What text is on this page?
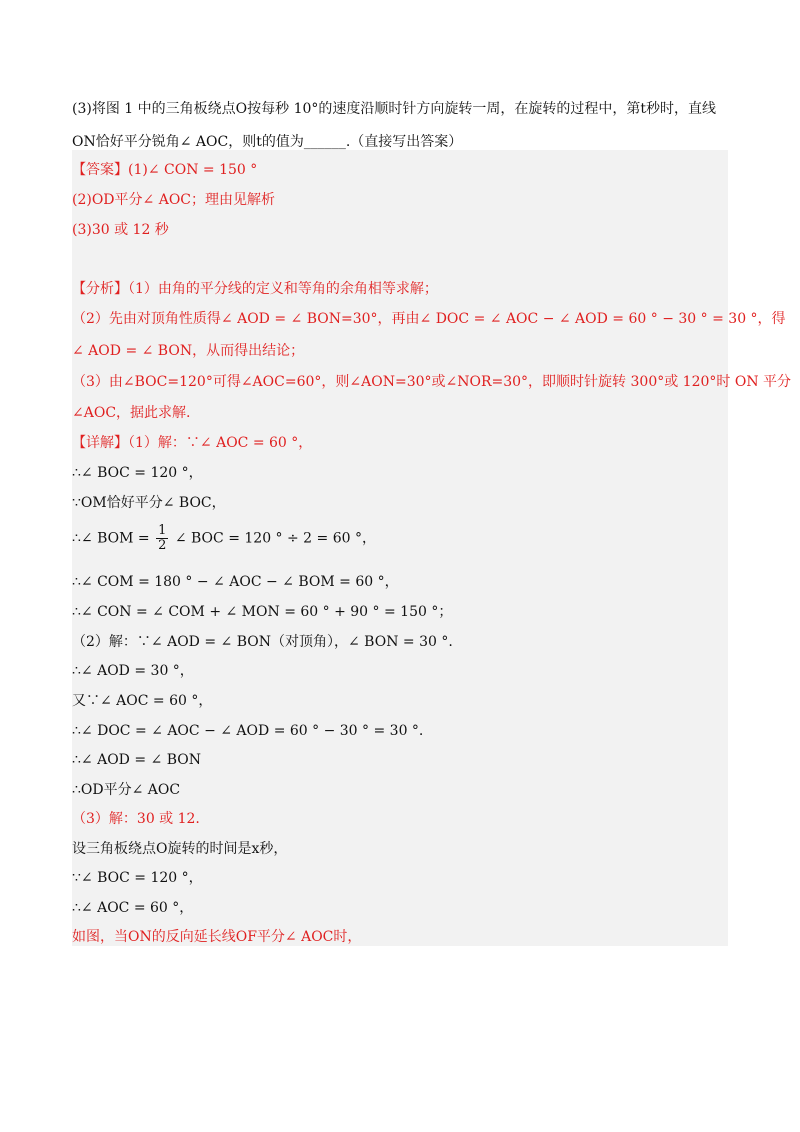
(3)将图 1 中的三角板绕点O按每秒 10°的速度沿顺时针方向旋转一周，在旋转的过程中，第t秒时，直线
ON恰好平分锐角∠ AOC，则t的值为______.（直接写出答案）
【答案】(1)∠ CON = 150 °
(2)OD平分∠ AOC；理由见解析
(3)30 或 12 秒
【分析】（1）由角的平分线的定义和等角的余角相等求解；
（2）先由对顶角性质得∠ AOD = ∠ BON=30°，再由∠ DOC = ∠ AOC − ∠ AOD = 60 ° − 30 ° = 30 °，得
∠ AOD = ∠ BON，从而得出结论；
（3）由∠BOC=120°可得∠AOC=60°，则∠AON=30°或∠NOR=30°，即顺时针旋转 300°或 120°时 ON 平分
∠AOC，据此求解.
【详解】（1）解：∵∠ AOC = 60 °，
∴∠ BOC = 120 °，
∵OM恰好平分∠ BOC，
∴∠ BOM = $\frac{1}{2}$ ∠ BOC = 120 ° ÷ 2 = 60 °，
∴∠ COM = 180 ° − ∠ AOC − ∠ BOM = 60 °，
∴∠ CON = ∠ COM + ∠ MON = 60 ° + 90 ° = 150 °；
（2）解：∵∠ AOD = ∠ BON（对顶角），∠ BON = 30 °.
∴∠ AOD = 30 °，
又∵∠ AOC = 60 °，
∴∠ DOC = ∠ AOC − ∠ AOD = 60 ° − 30 ° = 30 °.
∴∠ AOD = ∠ BON
∴OD平分∠ AOC
（3）解：30 或 12.
设三角板绕点O旋转的时间是x秒，
∵∠ BOC = 120 °，
∴∠ AOC = 60 °，
如图，当ON的反向延长线OF平分∠ AOC时，
